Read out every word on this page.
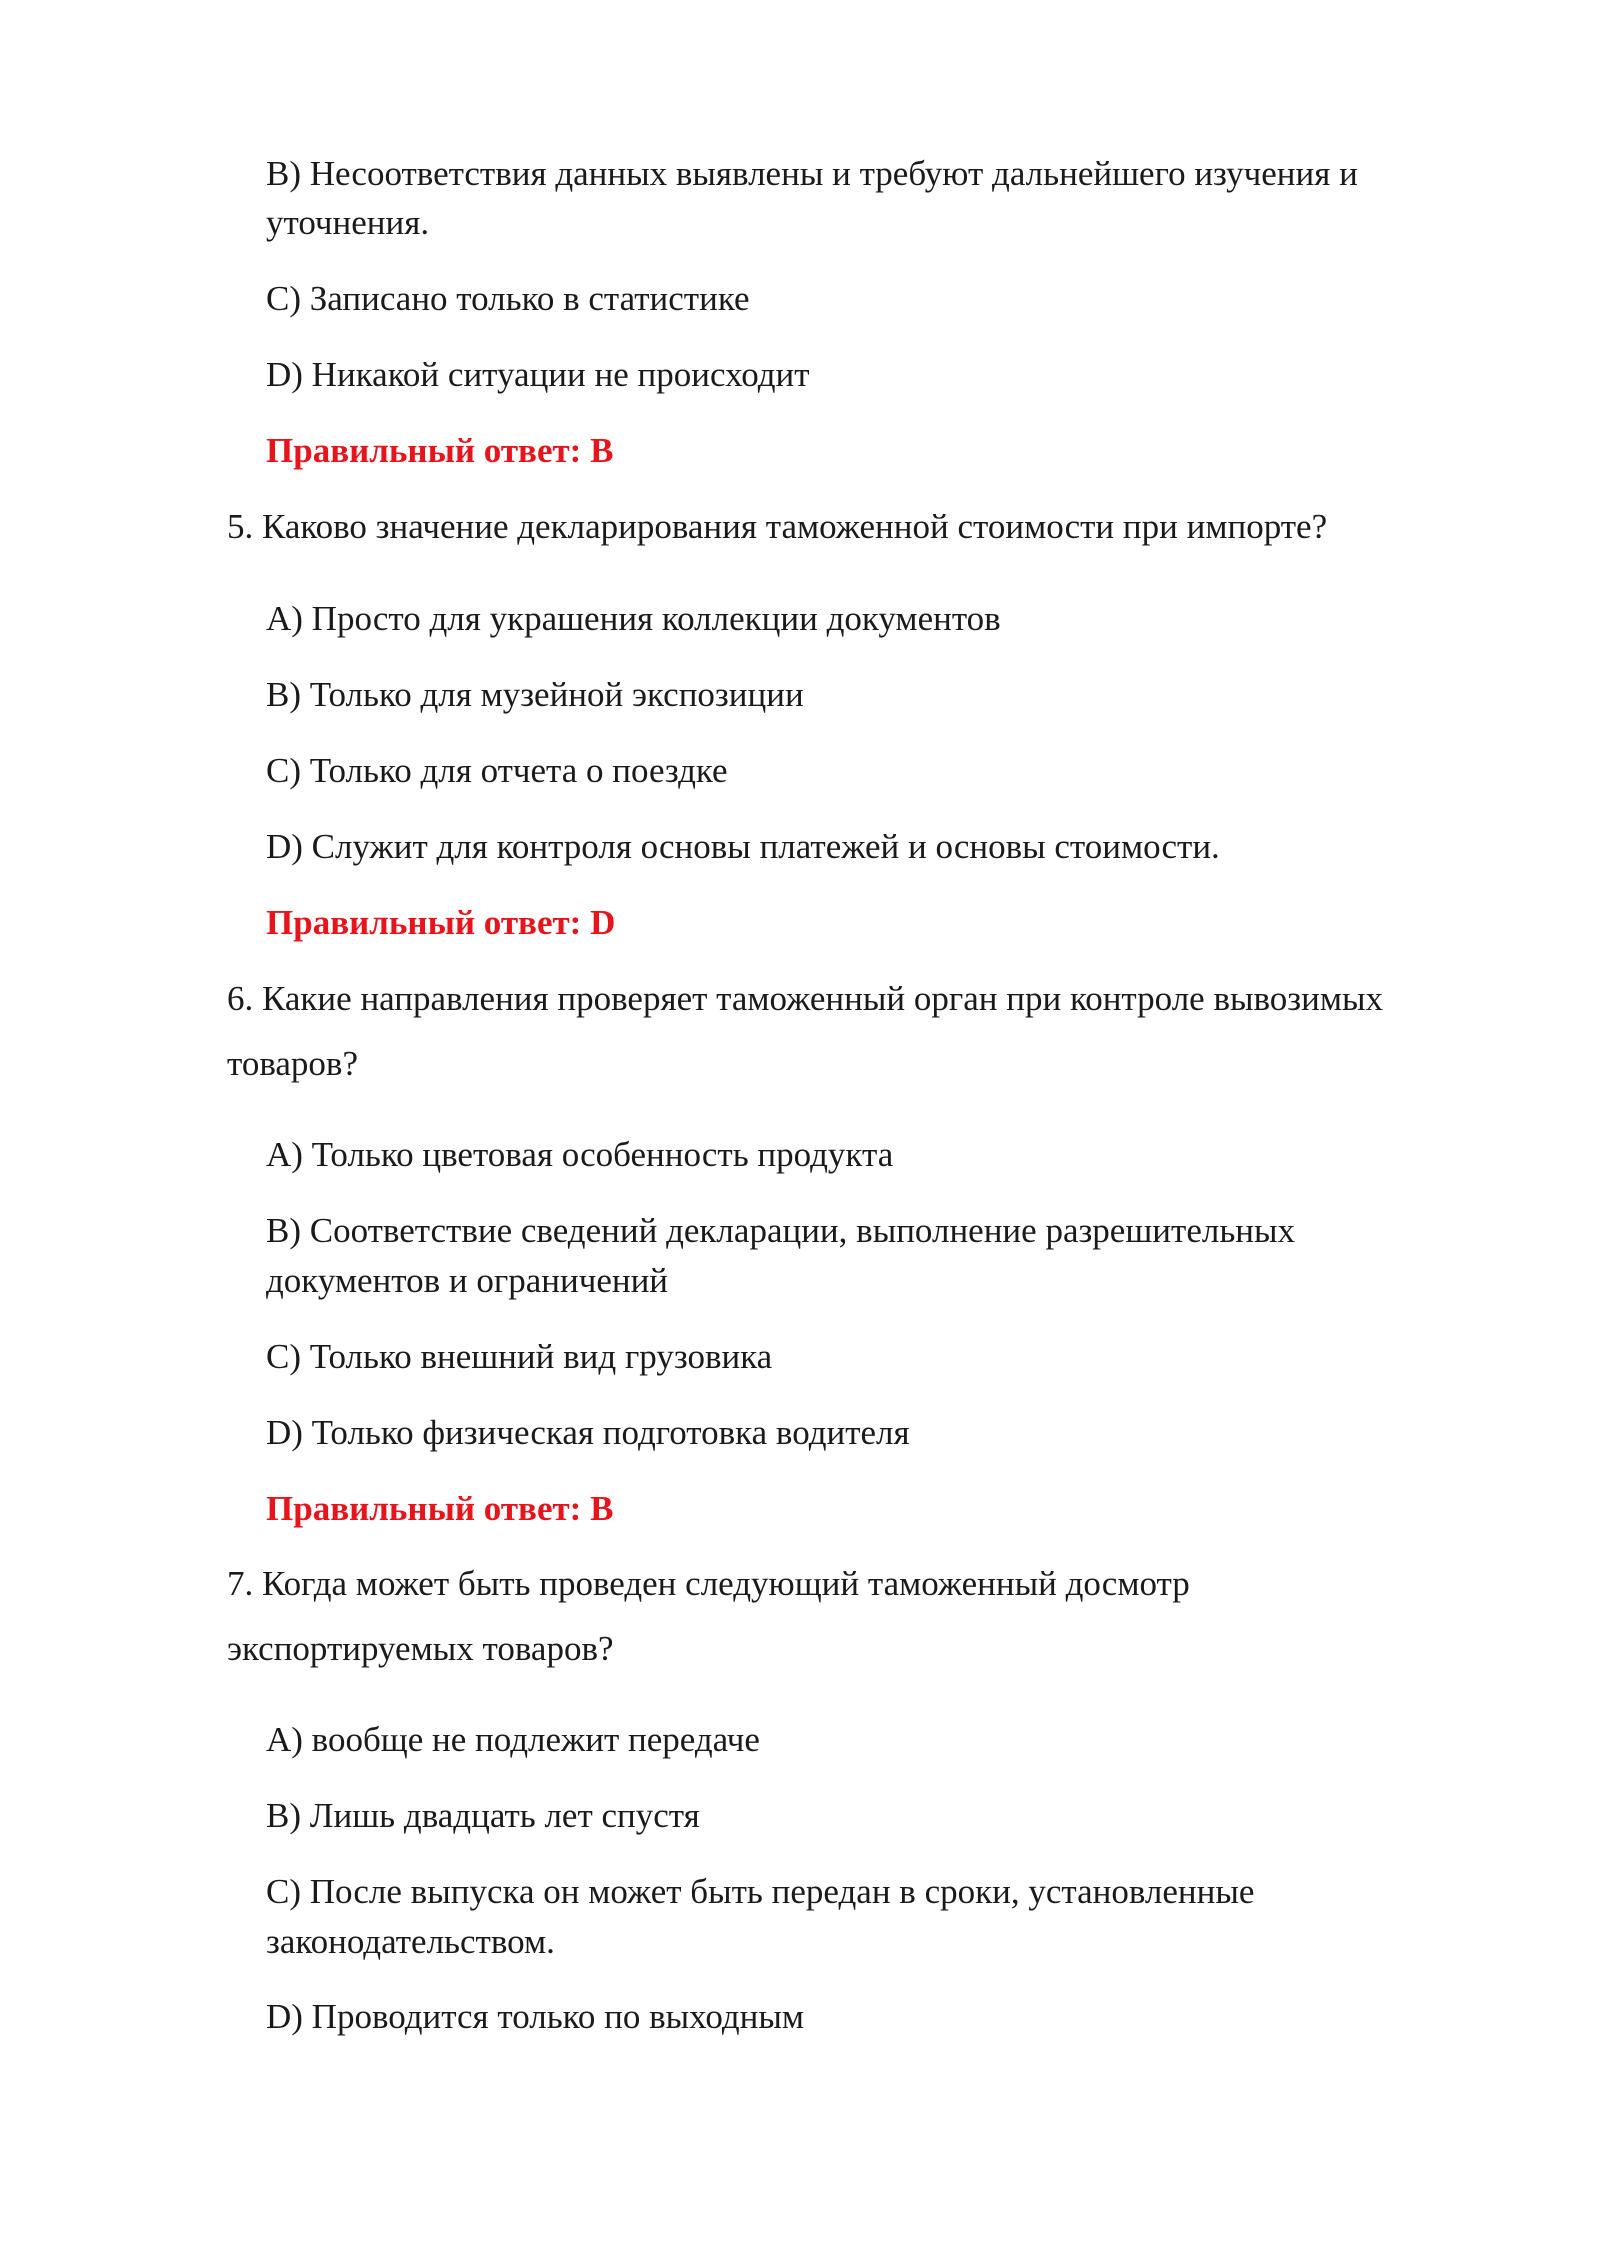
B) Несоответствия данных выявлены и требуют дальнейшего изучения и
уточнения.
C) Записано только в статистике
D) Никакой ситуации не происходит
Правильный ответ: B
5. Каково значение декларирования таможенной стоимости при импорте?
A) Просто для украшения коллекции документов
B) Только для музейной экспозиции
C) Только для отчета о поездке
D) Служит для контроля основы платежей и основы стоимости.
Правильный ответ: D
6. Какие направления проверяет таможенный орган при контроле вывозимых
товаров?
A) Только цветовая особенность продукта
B) Соответствие сведений декларации, выполнение разрешительных
документов и ограничений
C) Только внешний вид грузовика
D) Только физическая подготовка водителя
Правильный ответ: B
7. Когда может быть проведен следующий таможенный досмотр
экспортируемых товаров?
A) вообще не подлежит передаче
B) Лишь двадцать лет спустя
C) После выпуска он может быть передан в сроки, установленные
законодательством.
D) Проводится только по выходным
